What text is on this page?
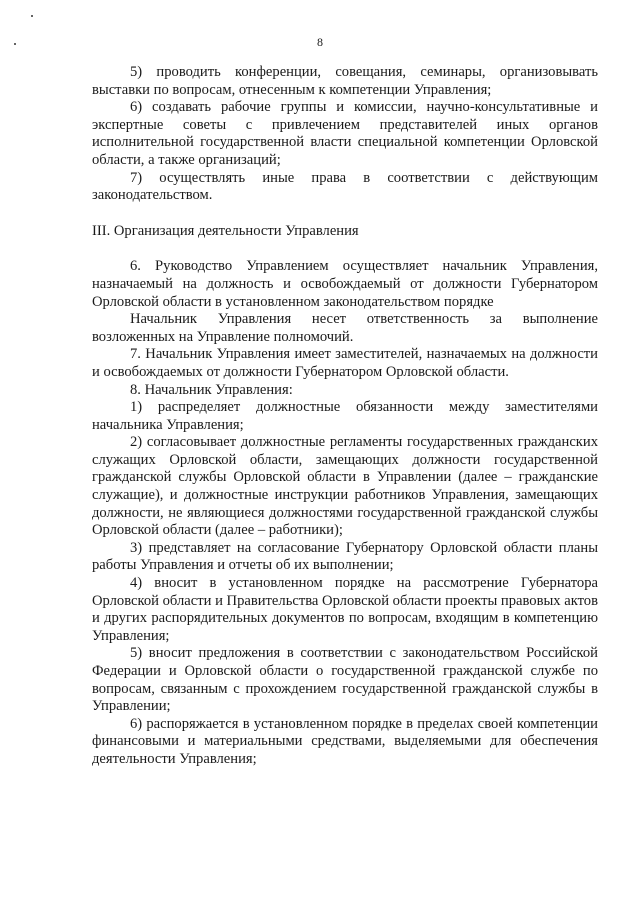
8

5) проводить конференции, совещания, семинары, организовывать выставки по вопросам, отнесенным к компетенции Управления;

6) создавать рабочие группы и комиссии, научно-консультативные и экспертные советы с привлечением представителей иных органов исполнительной государственной власти специальной компетенции Орловской области, а также организаций;

7) осуществлять иные права в соответствии с действующим законодательством.

III. Организация деятельности Управления

6. Руководство Управлением осуществляет начальник Управления, назначаемый на должность и освобождаемый от должности Губернатором Орловской области в установленном законодательством порядке

Начальник Управления несет ответственность за выполнение возложенных на Управление полномочий.

7. Начальник Управления имеет заместителей, назначаемых на должности и освобождаемых от должности Губернатором Орловской области.

8. Начальник Управления:

1) распределяет должностные обязанности между заместителями начальника Управления;

2) согласовывает должностные регламенты государственных гражданских служащих Орловской области, замещающих должности государственной гражданской службы Орловской области в Управлении (далее – гражданские служащие), и должностные инструкции работников Управления, замещающих должности, не являющиеся должностями государственной гражданской службы Орловской области (далее – работники);

3) представляет на согласование Губернатору Орловской области планы работы Управления и отчеты об их выполнении;

4) вносит в установленном порядке на рассмотрение Губернатора Орловской области и Правительства Орловской области проекты правовых актов и других распорядительных документов по вопросам, входящим в компетенцию Управления;

5) вносит предложения в соответствии с законодательством Российской Федерации и Орловской области о государственной гражданской службе по вопросам, связанным с прохождением государственной гражданской службы в Управлении;

6) распоряжается в установленном порядке в пределах своей компетенции финансовыми и материальными средствами, выделяемыми для обеспечения деятельности Управления;
